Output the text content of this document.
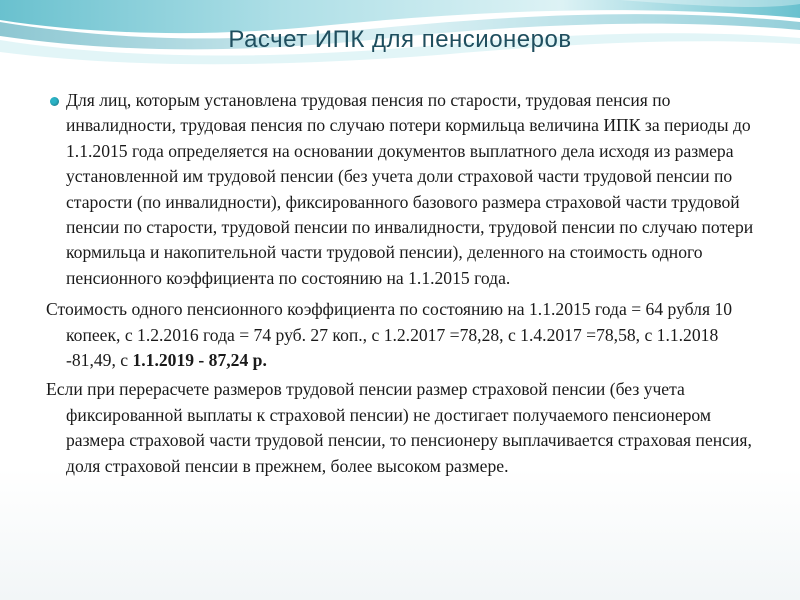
Расчет ИПК для пенсионеров
Для лиц, которым установлена трудовая пенсия по старости, трудовая пенсия по инвалидности, трудовая пенсия по случаю потери кормильца величина ИПК за периоды до 1.1.2015 года определяется на основании документов выплатного дела исходя из размера установленной им трудовой пенсии (без учета доли страховой части трудовой пенсии по старости (по инвалидности), фиксированного базового размера страховой части трудовой пенсии по старости, трудовой пенсии по инвалидности, трудовой пенсии по случаю потери кормильца и накопительной части трудовой пенсии), деленного на стоимость одного пенсионного коэффициента по состоянию на 1.1.2015 года.
Стоимость одного пенсионного коэффициента по состоянию на 1.1.2015 года = 64 рубля 10 копеек, с 1.2.2016 года = 74 руб. 27 коп., с 1.2.2017 =78,28, с 1.4.2017 =78,58, с 1.1.2018 -81,49, с 1.1.2019 - 87,24 р.
Если при перерасчете размеров трудовой пенсии размер страховой пенсии (без учета фиксированной выплаты к страховой пенсии) не достигает получаемого пенсионером размера страховой части трудовой пенсии, то пенсионеру выплачивается страховая пенсия, доля страховой пенсии в прежнем, более высоком размере.
